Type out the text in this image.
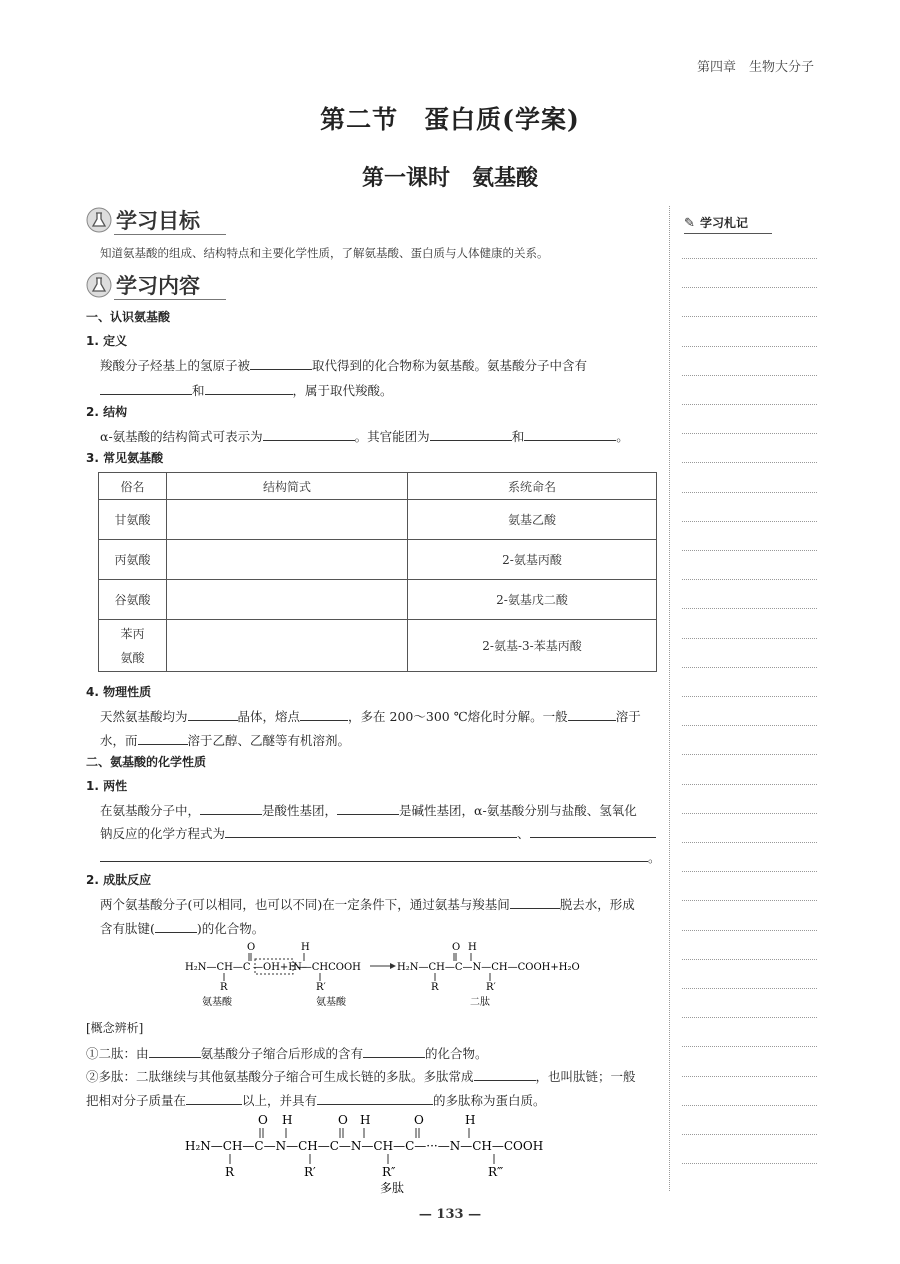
第四章　生物大分子
第二节　蛋白质(学案)
第一课时　氨基酸
学习目标
知道氨基酸的组成、结构特点和主要化学性质，了解氨基酸、蛋白质与人体健康的关系。
学习内容
✎ 学习札记
一、认识氨基酸
1. 定义
羧酸分子烃基上的氢原子被	取代得到的化合物称为氨基酸。氨基酸分子中含有
和	，属于取代羧酸。
2. 结构
α-氨基酸的结构简式可表示为	。其官能团为	和	。
3. 常见氨基酸
俗名	结构简式	系统命名
甘氨酸		氨基乙酸
丙氨酸		2-氨基丙酸
谷氨酸		2-氨基戊二酸
苯丙
氨酸		2-氨基-3-苯基丙酸
4. 物理性质
天然氨基酸均为	晶体，熔点	，多在 200～300 ℃熔化时分解。一般	溶于
水，而	溶于乙醇、乙醚等有机溶剂。
二、氨基酸的化学性质
1. 两性
在氨基酸分子中，	是酸性基团，	是碱性基团，α-氨基酸分别与盐酸、氢氧化
钠反应的化学方程式为	、
。
2. 成肽反应
两个氨基酸分子(可以相同，也可以不同)在一定条件下，通过氨基与羧基间	脱去水，形成
含有肽键(	)的化合物。
H₂N—CH—C
O
R
—OH+H—
N—CHCOOH
H
R′
H₂N—CH—C—N—CH—COOH+H₂O
O H
R	R′
氨基酸	氨基酸	二肽
[概念辨析]
①二肽：由	氨基酸分子缩合后形成的含有	的化合物。
②多肽：二肽继续与其他氨基酸分子缩合可生成长链的多肽。多肽常成	，也叫肽链；一般
把相对分子质量在	以上，并具有	的多肽称为蛋白质。
H₂N—CH—C—N—CH—C—N—CH—C—···—N—CH—COOH
O H	O H	O	H
R	R′	R″	R‴
多肽
— 133 —
